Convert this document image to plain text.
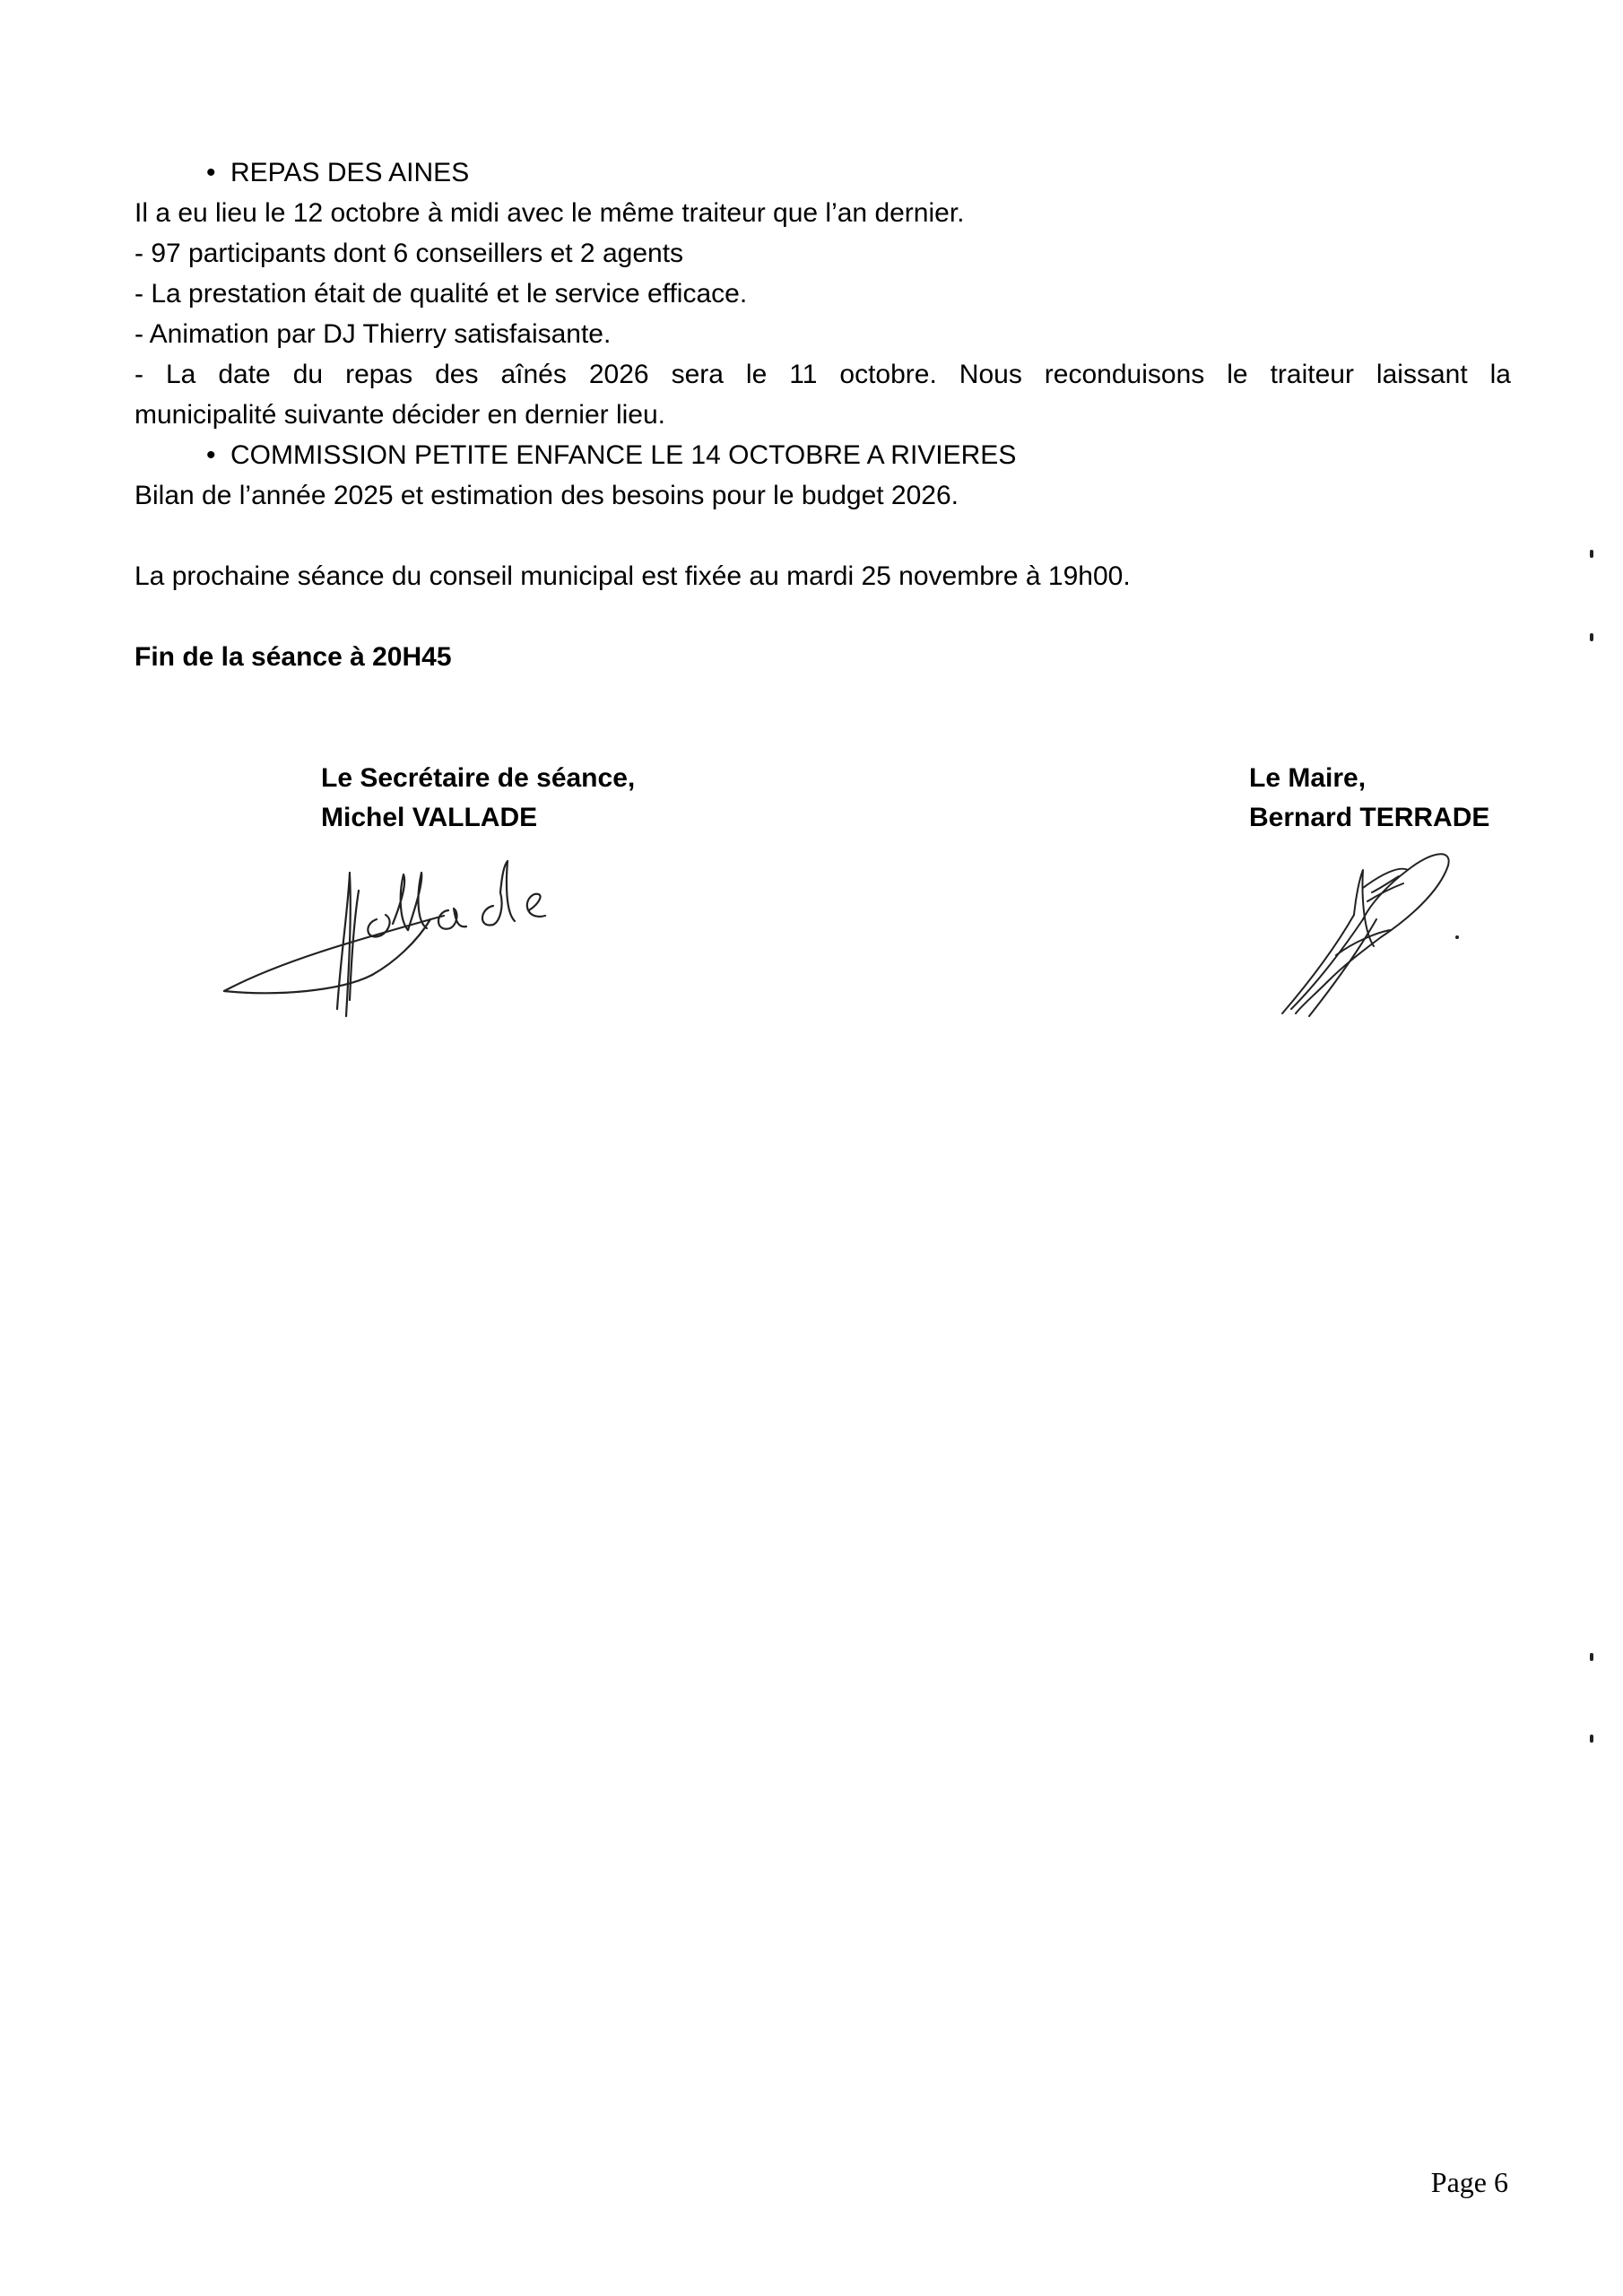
• REPAS DES AINES

Il a eu lieu le 12 octobre à midi avec le même traiteur que l’an dernier.

- 97 participants dont 6 conseillers et 2 agents

- La prestation était de qualité et le service efficace.

- Animation par DJ Thierry satisfaisante.

- La date du repas des aînés 2026 sera le 11 octobre. Nous reconduisons le traiteur laissant la

municipalité suivante décider en dernier lieu.

• COMMISSION PETITE ENFANCE LE 14 OCTOBRE A RIVIERES

Bilan de l’année 2025 et estimation des besoins pour le budget 2026.

La prochaine séance du conseil municipal est fixée au mardi 25 novembre à 19h00.

Fin de la séance à 20H45

Le Secrétaire de séance,
Michel VALLADE
Le Maire,
Bernard TERRADE
Page 6
